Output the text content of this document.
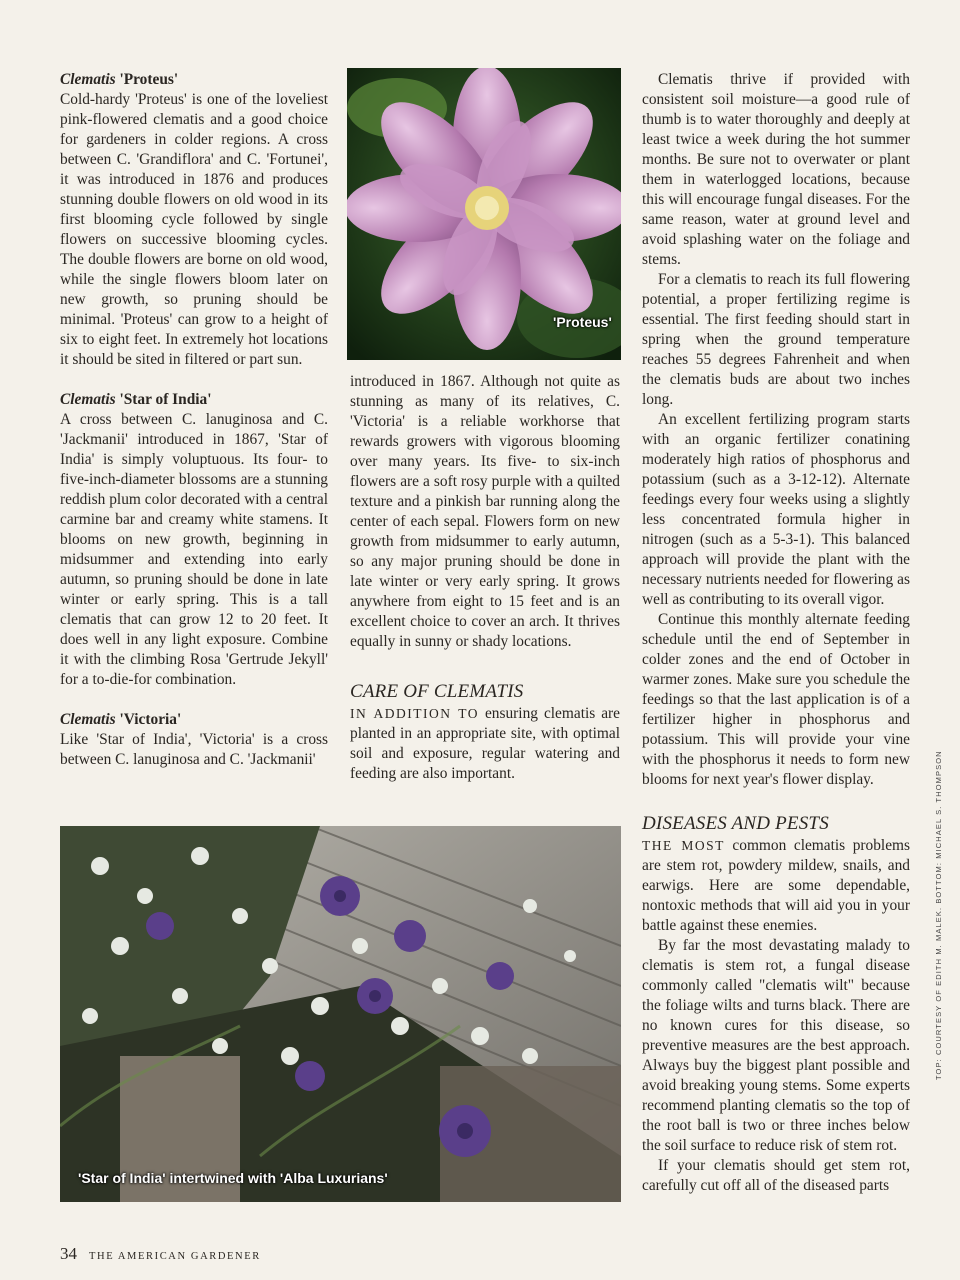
Clematis 'Proteus'

Cold-hardy 'Proteus' is one of the loveliest pink-flowered clematis and a good choice for gardeners in colder regions. A cross between C. 'Grandiflora' and C. 'Fortunei', it was introduced in 1876 and produces stunning double flowers on old wood in its first blooming cycle followed by single flowers on successive blooming cycles. The double flowers are borne on old wood, while the single flowers bloom later on new growth, so pruning should be minimal. 'Proteus' can grow to a height of six to eight feet. In extremely hot locations it should be sited in filtered or part sun.

Clematis 'Star of India'

A cross between C. lanuginosa and C. 'Jackmanii' introduced in 1867, 'Star of India' is simply voluptuous. Its four- to five-inch-diameter blossoms are a stunning reddish plum color decorated with a central carmine bar and creamy white stamens. It blooms on new growth, beginning in midsummer and extending into early autumn, so pruning should be done in late winter or early spring. This is a tall clematis that can grow 12 to 20 feet. It does well in any light exposure. Combine it with the climbing Rosa 'Gertrude Jekyll' for a to-die-for combination.

Clematis 'Victoria'

Like 'Star of India', 'Victoria' is a cross between C. lanuginosa and C. 'Jackmanii'

'Proteus'

introduced in 1867. Although not quite as stunning as many of its relatives, C. 'Victoria' is a reliable workhorse that rewards growers with vigorous blooming over many years. Its five- to six-inch flowers are a soft rosy purple with a quilted texture and a pinkish bar running along the center of each sepal. Flowers form on new growth from midsummer to early autumn, so any major pruning should be done in late winter or very early spring. It grows anywhere from eight to 15 feet and is an excellent choice to cover an arch. It thrives equally in sunny or shady locations.

CARE OF CLEMATIS

IN ADDITION TO ensuring clematis are planted in an appropriate site, with optimal soil and exposure, regular watering and feeding are also important.

Clematis thrive if provided with consistent soil moisture—a good rule of thumb is to water thoroughly and deeply at least twice a week during the hot summer months. Be sure not to overwater or plant them in waterlogged locations, because this will encourage fungal diseases. For the same reason, water at ground level and avoid splashing water on the foliage and stems.

For a clematis to reach its full flowering potential, a proper fertilizing regime is essential. The first feeding should start in spring when the ground temperature reaches 55 degrees Fahrenheit and when the clematis buds are about two inches long.

An excellent fertilizing program starts with an organic fertilizer conatining moderately high ratios of phosphorus and potassium (such as a 3-12-12). Alternate feedings every four weeks using a slightly less concentrated formula higher in nitrogen (such as a 5-3-1). This balanced approach will provide the plant with the necessary nutrients needed for flowering as well as contributing to its overall vigor.

Continue this monthly alternate feeding schedule until the end of September in colder zones and the end of October in warmer zones. Make sure you schedule the feedings so that the last application is of a fertilizer higher in phosphorus and potassium. This will provide your vine with the phosphorus it needs to form new blooms for next year's flower display.

DISEASES AND PESTS

THE MOST common clematis problems are stem rot, powdery mildew, snails, and earwigs. Here are some dependable, nontoxic methods that will aid you in your battle against these enemies.

By far the most devastating malady to clematis is stem rot, a fungal disease commonly called "clematis wilt" because the foliage wilts and turns black. There are no known cures for this disease, so preventive measures are the best approach. Always buy the biggest plant possible and avoid breaking young stems. Some experts recommend planting clematis so the top of the root ball is two or three inches below the soil surface to reduce risk of stem rot.

If your clematis should get stem rot, carefully cut off all of the diseased parts

'Star of India' intertwined with 'Alba Luxurians'
34 THE AMERICAN GARDENER
TOP: COURTESY OF EDITH M. MALEK. BOTTOM: MICHAEL S. THOMPSON
